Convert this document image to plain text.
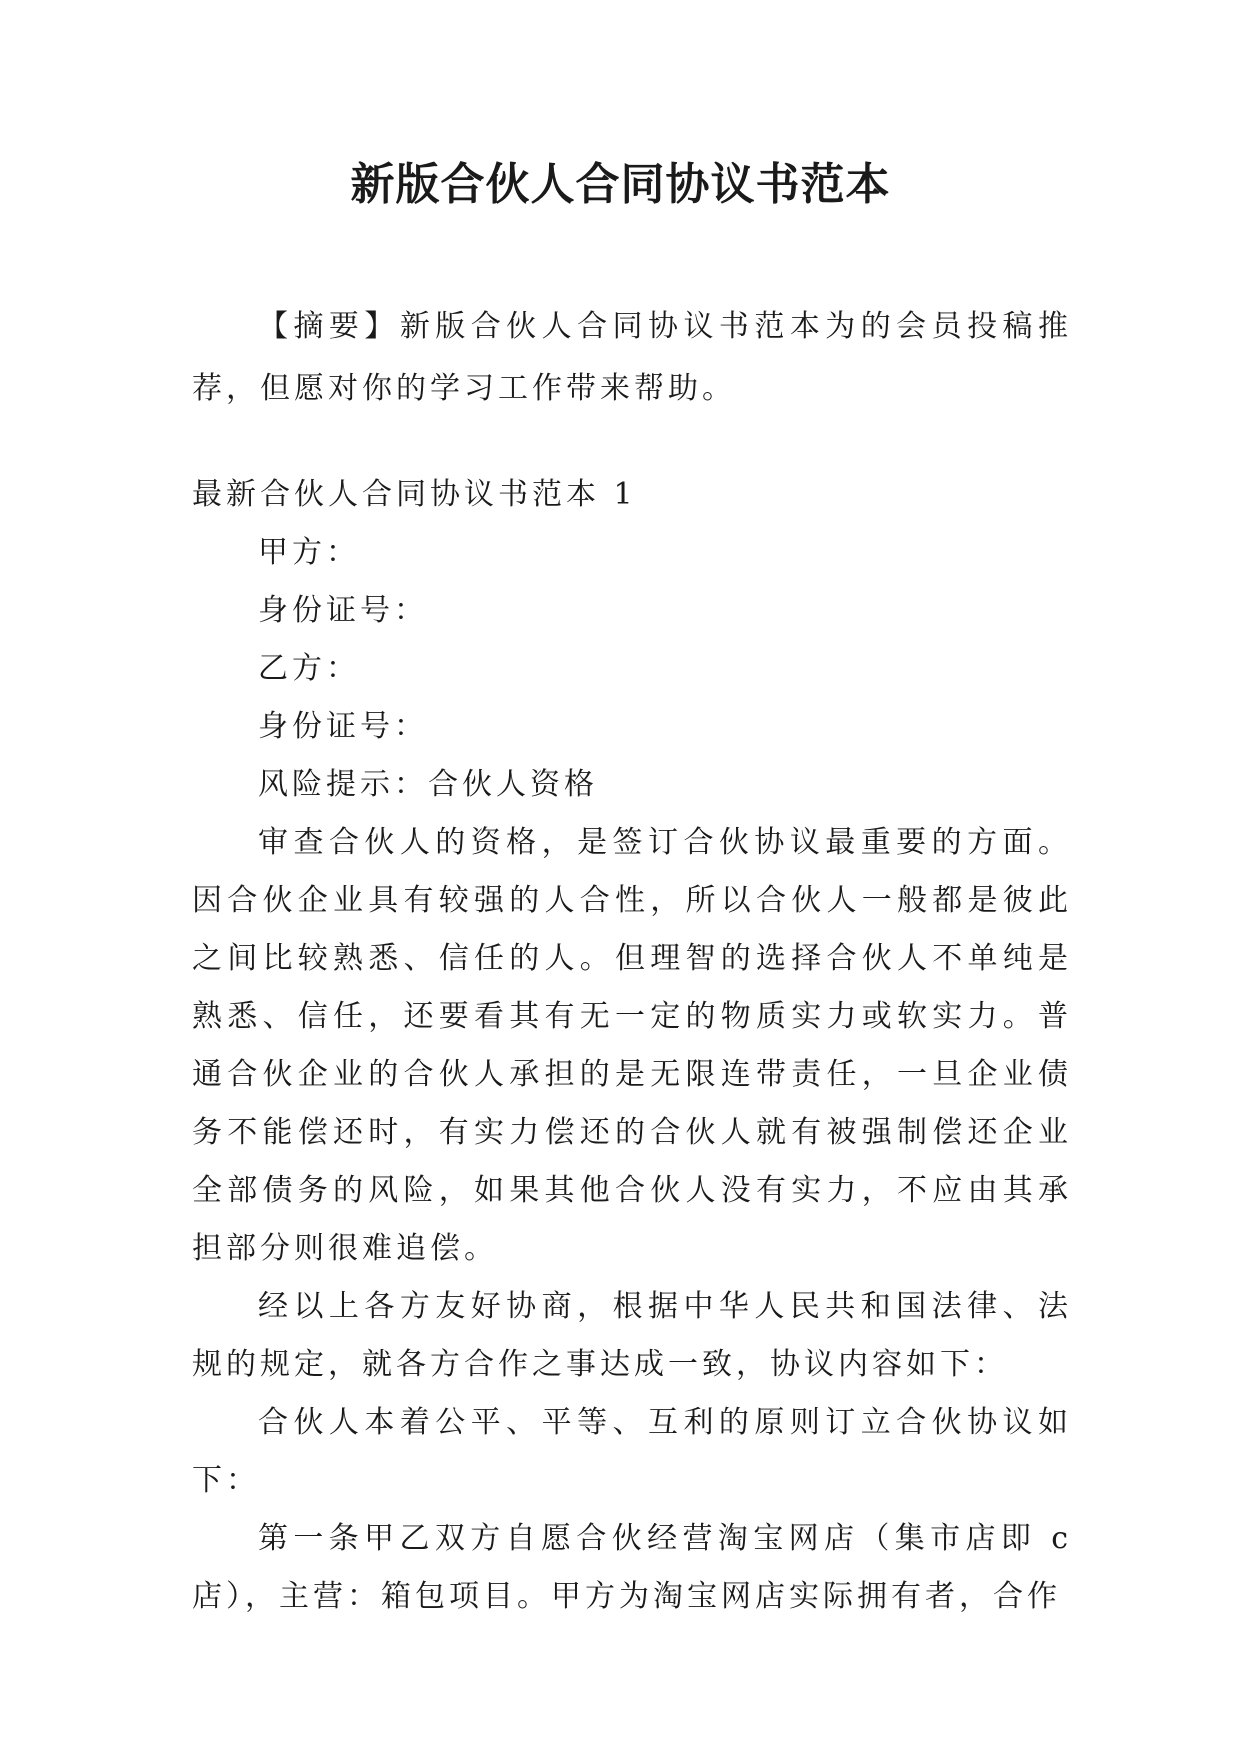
新版合伙人合同协议书范本

【摘要】新版合伙人合同协议书范本为的会员投稿推荐，但愿对你的学习工作带来帮助。

最新合伙人合同协议书范本 1

甲方：

身份证号：

乙方：

身份证号：

风险提示：合伙人资格

审查合伙人的资格，是签订合伙协议最重要的方面。因合伙企业具有较强的人合性，所以合伙人一般都是彼此之间比较熟悉、信任的人。但理智的选择合伙人不单纯是熟悉、信任，还要看其有无一定的物质实力或软实力。普通合伙企业的合伙人承担的是无限连带责任，一旦企业债务不能偿还时，有实力偿还的合伙人就有被强制偿还企业全部债务的风险，如果其他合伙人没有实力，不应由其承担部分则很难追偿。

经以上各方友好协商，根据中华人民共和国法律、法规的规定，就各方合作之事达成一致，协议内容如下：

合伙人本着公平、平等、互利的原则订立合伙协议如下：

第一条甲乙双方自愿合伙经营淘宝网店（集市店即 c 店），主营：箱包项目。甲方为淘宝网店实际拥有者，合作
